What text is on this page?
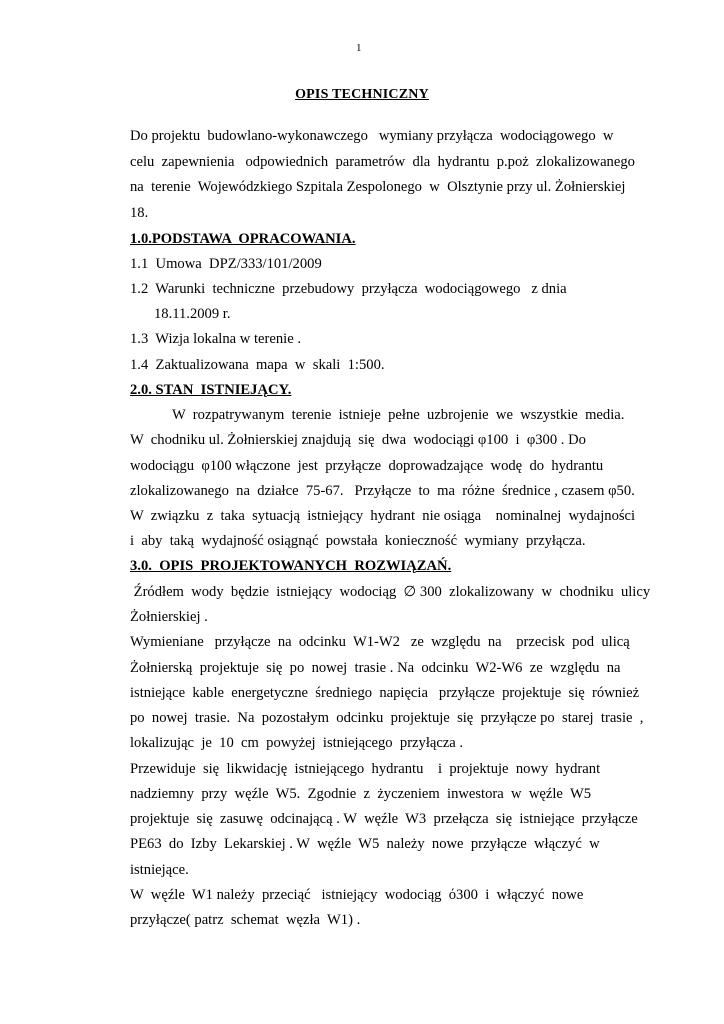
1
OPIS TECHNICZNY
Do projektu  budowlano-wykonawczego   wymiany przyłącza  wodociągowego  w
celu  zapewnienia   odpowiednich  parametrów  dla  hydrantu  p.poż  zlokalizowanego
na  terenie  Wojewódzkiego Szpitala Zespolonego  w  Olsztynie przy ul. Żołnierskiej
18.
1.0.PODSTAWA  OPRACOWANIA.
1.1  Umowa  DPZ/333/101/2009
1.2  Warunki  techniczne  przebudowy  przyłącza  wodociągowego   z dnia
18.11.2009 r.
1.3  Wizja lokalna w terenie .
1.4  Zaktualizowana  mapa  w  skali  1:500.
2.0. STAN  ISTNIEJĄCY.
W  rozpatrywanym  terenie  istnieje  pełne  uzbrojenie  we  wszystkie  media.
W  chodniku ul. Żołnierskiej znajdują  się  dwa  wodociągi φ100  i  φ300 . Do
wodociągu  φ100 włączone  jest  przyłącze  doprowadzające  wodę  do  hydrantu
zlokalizowanego  na  działce  75-67.   Przyłącze  to  ma  różne  średnice , czasem φ50.
W  związku  z  taka  sytuacją  istniejący  hydrant  nie osiąga    nominalnej  wydajności
i  aby  taką  wydajność osiągnąć  powstała  konieczność  wymiany  przyłącza.
3.0.  OPIS  PROJEKTOWANYCH  ROZWIĄZAŃ.
Źródłem  wody  będzie  istniejący  wodociąg  ∅ 300  zlokalizowany  w  chodniku  ulicy
Żołnierskiej .
Wymieniane   przyłącze  na  odcinku  W1-W2   ze  względu  na    przecisk  pod  ulicą
Żołnierską  projektuje  się  po  nowej  trasie . Na  odcinku  W2-W6  ze  względu  na
istniejące  kable  energetyczne  średniego  napięcia   przyłącze  projektuje  się  również
po  nowej  trasie.  Na  pozostałym  odcinku  projektuje  się  przyłącze po  starej  trasie  ,
lokalizując  je  10  cm  powyżej  istniejącego  przyłącza .
Przewiduje  się  likwidację  istniejącego  hydrantu    i  projektuje  nowy  hydrant
nadziemny  przy  węźle  W5.  Zgodnie  z  życzeniem  inwestora  w  węźle  W5
projektuje  się  zasuwę  odcinającą . W  węźle  W3  przełącza  się  istniejące  przyłącze
PE63  do  Izby  Lekarskiej . W  węźle  W5  należy  nowe  przyłącze  włączyć  w
istniejące.
W  węźle  W1 należy  przeciąć   istniejący  wodociąg  ό300  i  włączyć  nowe
przyłącze( patrz  schemat  węzła  W1) .
